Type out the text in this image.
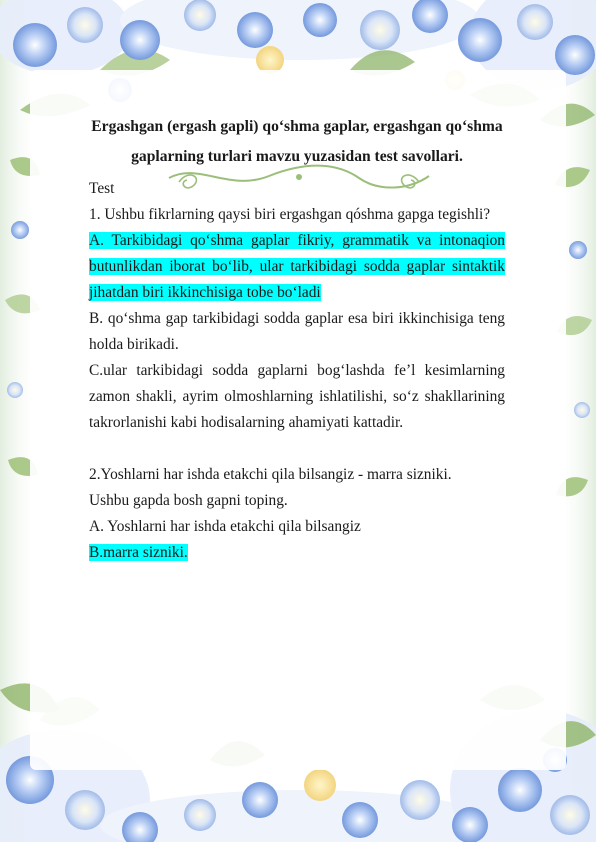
Ergashgan (ergash gapli) qo‘shma gaplar, ergashgan qo‘shma gaplarning turlari mavzu yuzasidan test savollari.

Test

1. Ushbu fikrlarning qaysi biri ergashgan qóshma gapga tegishli?

A. Tarkibidagi qo‘shma gaplar fikriy, grammatik va intonaqion butunlikdan iborat bo‘lib, ular tarkibidagi sodda gaplar sintaktik jihatdan biri ikkinchisiga tobe bo‘ladi

B. qo‘shma gap tarkibidagi sodda gaplar esa biri ikkinchisiga teng holda birikadi.

C.ular tarkibidagi sodda gaplarni bog‘lashda fe’l kesimlarning zamon shakli, ayrim olmoshlarning ishlatilishi, so‘z shakllarining takrorlanishi kabi hodisalarning ahamiyati kattadir.

2.Yoshlarni har ishda etakchi qila bilsangiz - marra sizniki.

Ushbu gapda bosh gapni toping.

A. Yoshlarni har ishda etakchi qila bilsangiz

B.marra sizniki.
